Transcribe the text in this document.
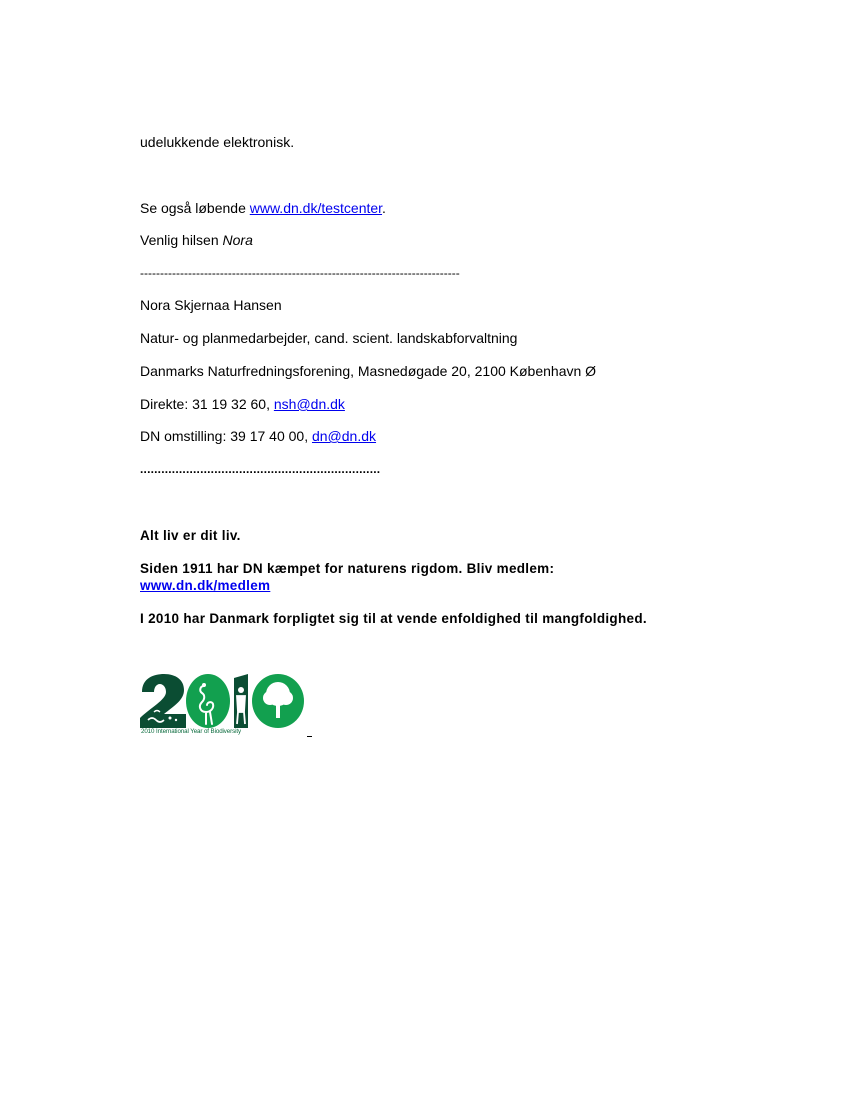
udelukkende elektronisk.
Se også løbende www.dn.dk/testcenter.
Venlig hilsen Nora
--------------------------------------------------------------------------------
Nora Skjernaa Hansen
Natur- og planmedarbejder, cand. scient. landskabforvaltning
Danmarks Naturfredningsforening, Masnedøgade 20, 2100 København Ø
Direkte: 31 19 32 60, nsh@dn.dk
DN omstilling: 39 17 40 00, dn@dn.dk
....................................................................
Alt liv er dit liv.
Siden 1911 har DN kæmpet for naturens rigdom. Bliv medlem:
www.dn.dk/medlem
I 2010 har Danmark forpligtet sig til at vende enfoldighed til mangfoldighed.
2010 International Year of Biodiversity
